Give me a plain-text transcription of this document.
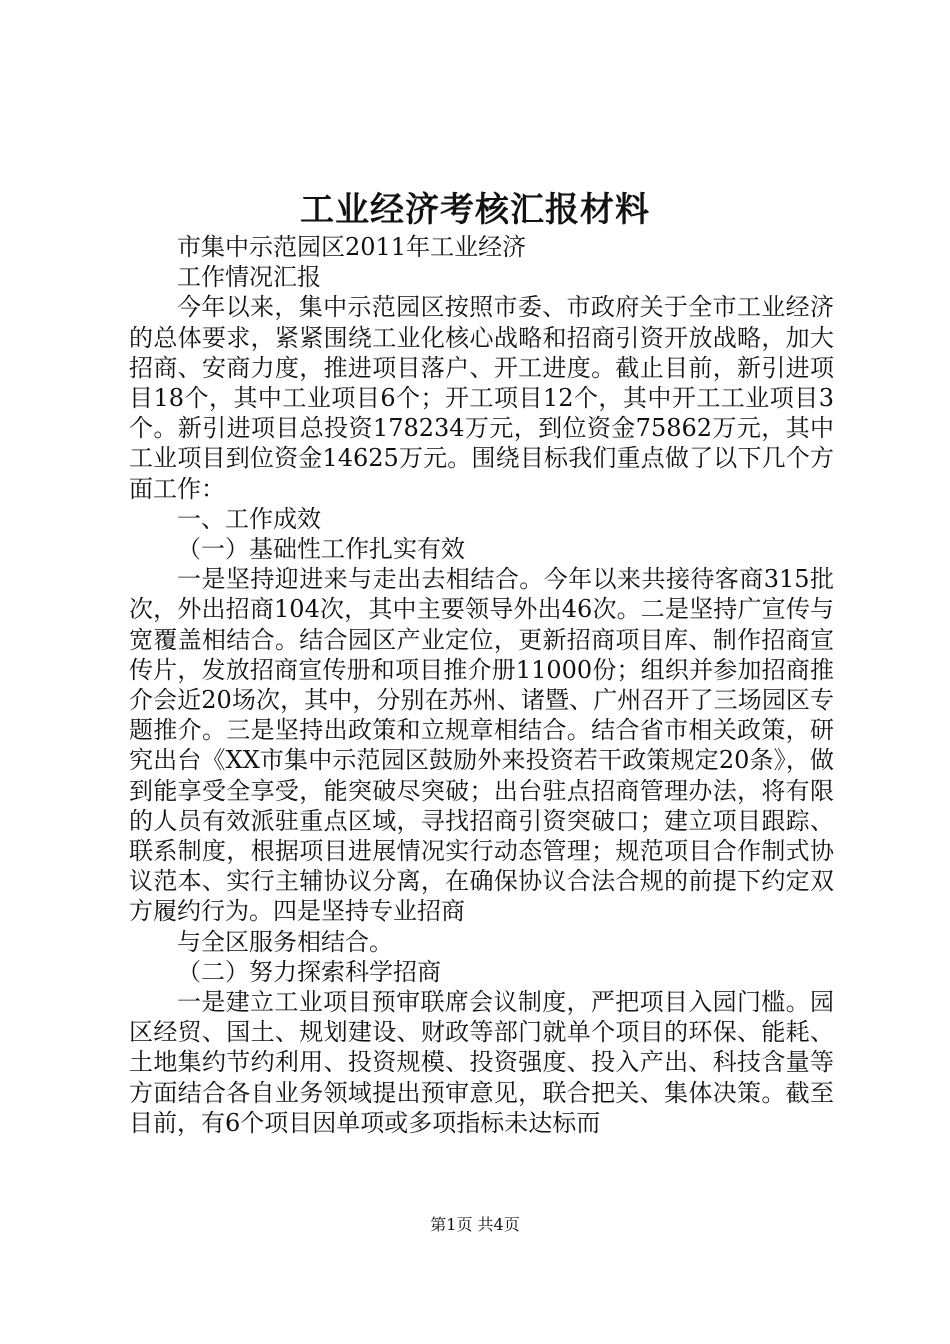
工业经济考核汇报材料

市集中示范园区2011年工业经济

工作情况汇报

今年以来，集中示范园区按照市委、市政府关于全市工业经济的总体要求，紧紧围绕工业化核心战略和招商引资开放战略，加大招商、安商力度，推进项目落户、开工进度。截止目前，新引进项目18个，其中工业项目6个；开工项目12个，其中开工工业项目3个。新引进项目总投资178234万元，到位资金75862万元，其中工业项目到位资金14625万元。围绕目标我们重点做了以下几个方面工作：

一、工作成效

（一）基础性工作扎实有效

一是坚持迎进来与走出去相结合。今年以来共接待客商315批次，外出招商104次，其中主要领导外出46次。二是坚持广宣传与宽覆盖相结合。结合园区产业定位，更新招商项目库、制作招商宣传片，发放招商宣传册和项目推介册11000份；组织并参加招商推介会近20场次，其中，分别在苏州、诸暨、广州召开了三场园区专题推介。三是坚持出政策和立规章相结合。结合省市相关政策，研究出台《XX市集中示范园区鼓励外来投资若干政策规定20条》，做到能享受全享受，能突破尽突破；出台驻点招商管理办法，将有限的人员有效派驻重点区域，寻找招商引资突破口；建立项目跟踪、联系制度，根据项目进展情况实行动态管理；规范项目合作制式协议范本、实行主辅协议分离，在确保协议合法合规的前提下约定双方履约行为。四是坚持专业招商

与全区服务相结合。

（二）努力探索科学招商

一是建立工业项目预审联席会议制度，严把项目入园门槛。园区经贸、国土、规划建设、财政等部门就单个项目的环保、能耗、土地集约节约利用、投资规模、投资强度、投入产出、科技含量等方面结合各自业务领域提出预审意见，联合把关、集体决策。截至目前，有6个项目因单项或多项指标未达标而

第1页 共4页
